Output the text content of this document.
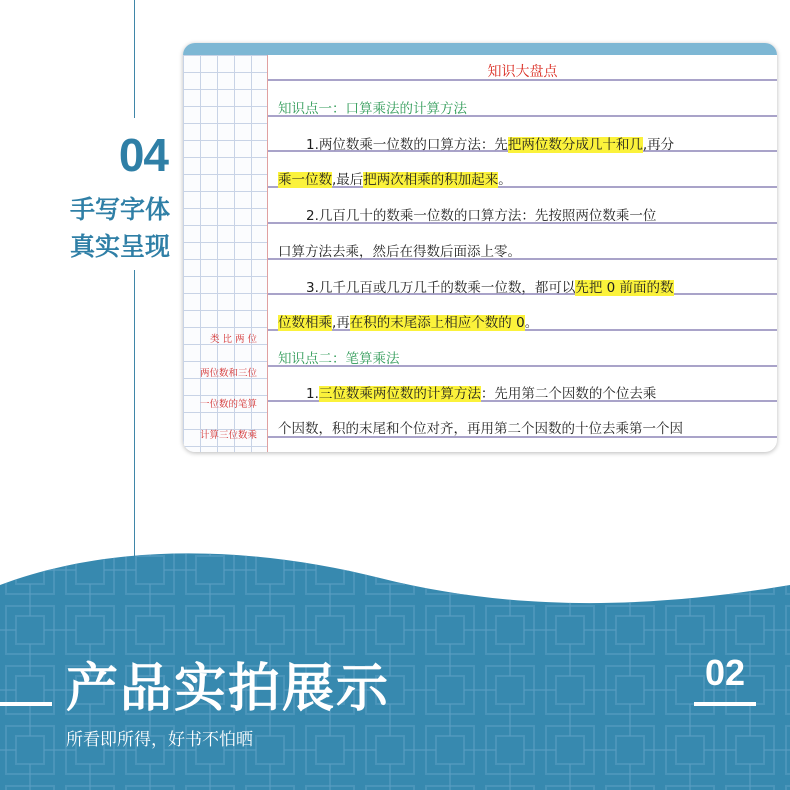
04
手写字体
真实呈现
知识大盘点
知识点一：口算乘法的计算方法
1.两位数乘一位数的口算方法：先把两位数分成几十和几,再分
乘一位数,最后把两次相乘的积加起来。
2.几百几十的数乘一位数的口算方法：先按照两位数乘一位
口算方法去乘，然后在得数后面添上零。
3.几千几百或几万几千的数乘一位数，都可以先把 0 前面的数
位数相乘,再在积的末尾添上相应个数的 0。
知识点二：笔算乘法
1.三位数乘两位数的计算方法：先用第二个因数的个位去乘
个因数，积的末尾和个位对齐，再用第二个因数的十位去乘第一个因
类 比 两 位
两位数和三位
一位数的笔算
计算三位数乘
产品实拍展示	02
所看即所得，好书不怕晒
